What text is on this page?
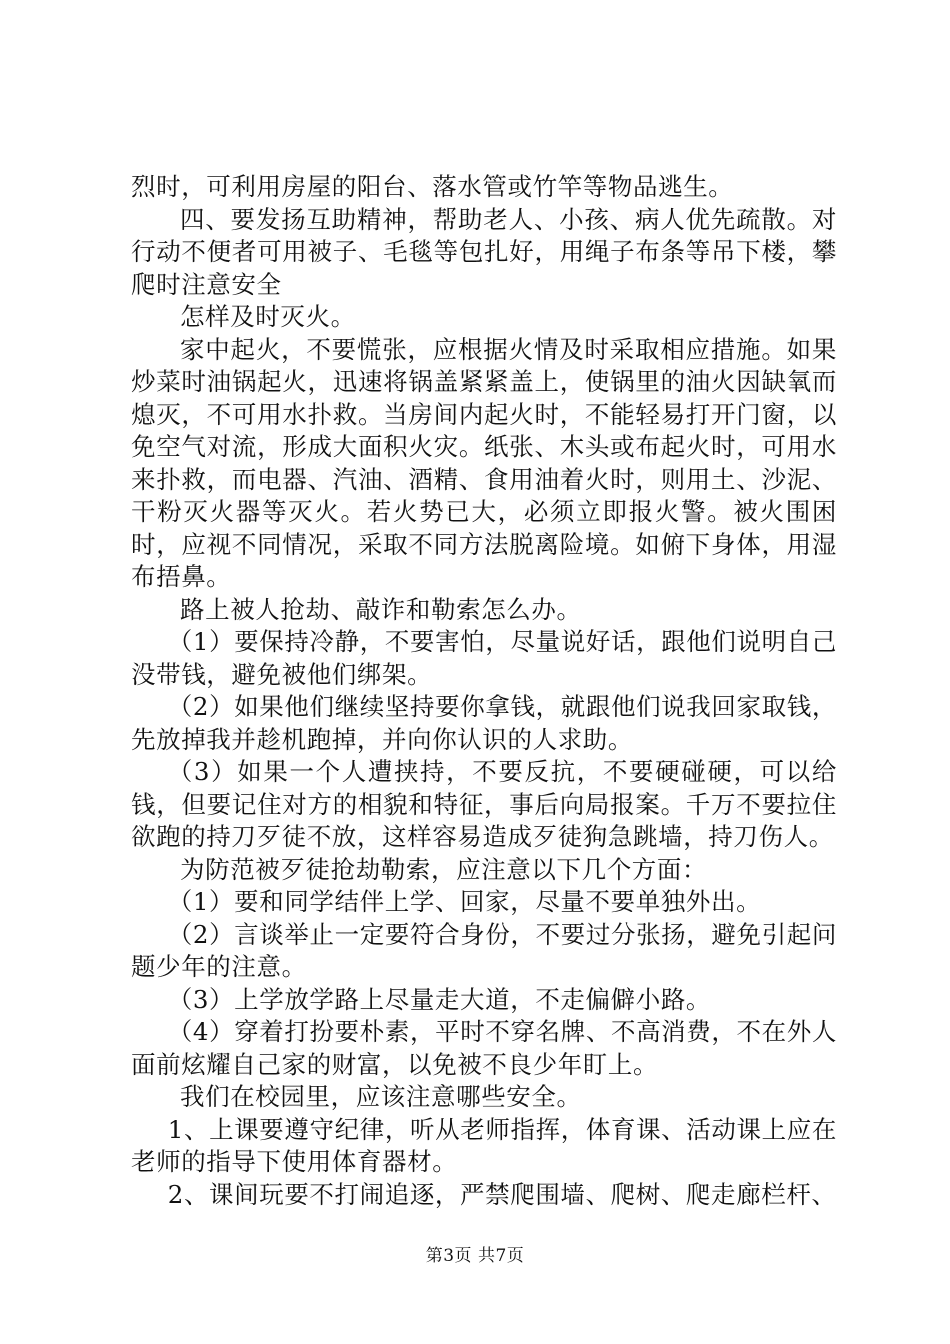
烈时，可利用房屋的阳台、落水管或竹竿等物品逃生。

四、要发扬互助精神，帮助老人、小孩、病人优先疏散。对行动不便者可用被子、毛毯等包扎好，用绳子布条等吊下楼，攀爬时注意安全

怎样及时灭火。

家中起火，不要慌张，应根据火情及时采取相应措施。如果炒菜时油锅起火，迅速将锅盖紧紧盖上，使锅里的油火因缺氧而熄灭，不可用水扑救。当房间内起火时，不能轻易打开门窗，以免空气对流，形成大面积火灾。纸张、木头或布起火时，可用水来扑救，而电器、汽油、酒精、食用油着火时，则用土、沙泥、干粉灭火器等灭火。若火势已大，必须立即报火警。被火围困时，应视不同情况，采取不同方法脱离险境。如俯下身体，用湿布捂鼻。

路上被人抢劫、敲诈和勒索怎么办。

（1）要保持冷静，不要害怕，尽量说好话，跟他们说明自己没带钱，避免被他们绑架。

（2）如果他们继续坚持要你拿钱，就跟他们说我回家取钱，先放掉我并趁机跑掉，并向你认识的人求助。

（3）如果一个人遭挟持，不要反抗，不要硬碰硬，可以给钱，但要记住对方的相貌和特征，事后向局报案。千万不要拉住欲跑的持刀歹徒不放，这样容易造成歹徒狗急跳墙，持刀伤人。

为防范被歹徒抢劫勒索，应注意以下几个方面：

（1）要和同学结伴上学、回家，尽量不要单独外出。

（2）言谈举止一定要符合身份，不要过分张扬，避免引起问题少年的注意。

（3）上学放学路上尽量走大道，不走偏僻小路。

（4）穿着打扮要朴素，平时不穿名牌、不高消费，不在外人面前炫耀自己家的财富，以免被不良少年盯上。

我们在校园里，应该注意哪些安全。

1、上课要遵守纪律，听从老师指挥，体育课、活动课上应在老师的指导下使用体育器材。

2、课间玩要不打闹追逐，严禁爬围墙、爬树、爬走廊栏杆、

第3页 共7页
